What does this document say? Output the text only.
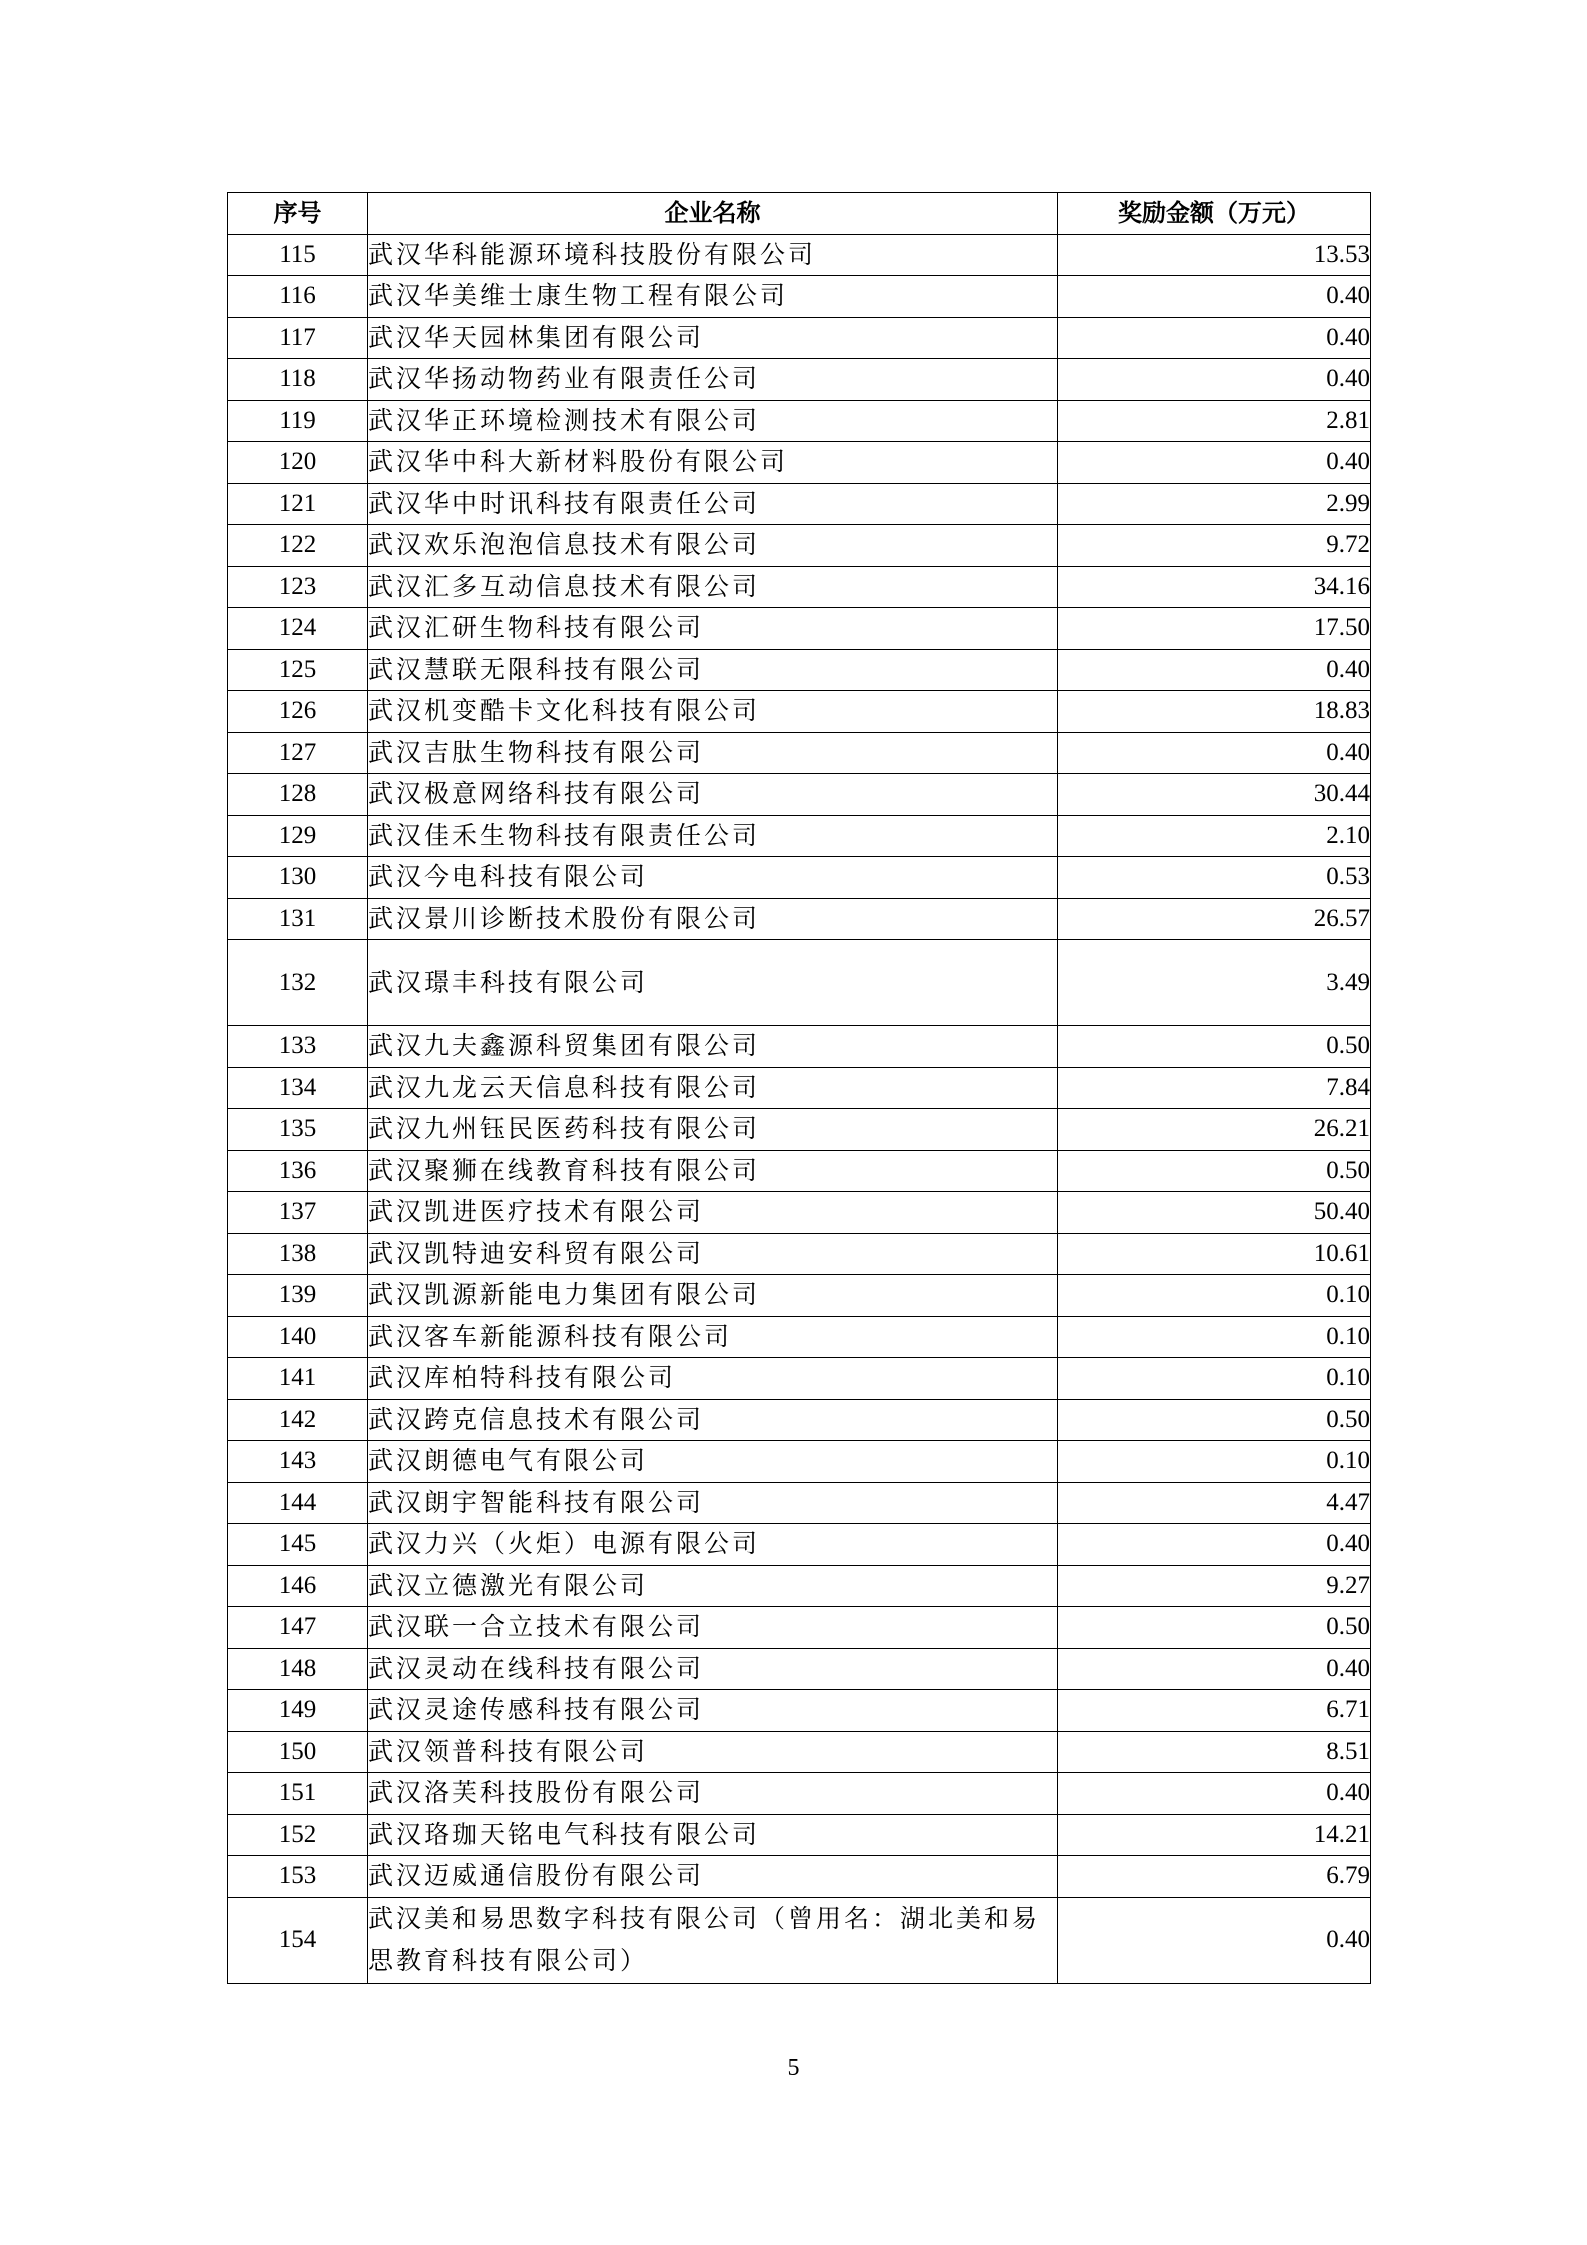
序号	企业名称	奖励金额（万元）
115	武汉华科能源环境科技股份有限公司	13.53
116	武汉华美维士康生物工程有限公司	0.40
117	武汉华天园林集团有限公司	0.40
118	武汉华扬动物药业有限责任公司	0.40
119	武汉华正环境检测技术有限公司	2.81
120	武汉华中科大新材料股份有限公司	0.40
121	武汉华中时讯科技有限责任公司	2.99
122	武汉欢乐泡泡信息技术有限公司	9.72
123	武汉汇多互动信息技术有限公司	34.16
124	武汉汇研生物科技有限公司	17.50
125	武汉慧联无限科技有限公司	0.40
126	武汉机变酷卡文化科技有限公司	18.83
127	武汉吉肽生物科技有限公司	0.40
128	武汉极意网络科技有限公司	30.44
129	武汉佳禾生物科技有限责任公司	2.10
130	武汉今电科技有限公司	0.53
131	武汉景川诊断技术股份有限公司	26.57
132	武汉璟丰科技有限公司	3.49
133	武汉九夫鑫源科贸集团有限公司	0.50
134	武汉九龙云天信息科技有限公司	7.84
135	武汉九州钰民医药科技有限公司	26.21
136	武汉聚狮在线教育科技有限公司	0.50
137	武汉凯进医疗技术有限公司	50.40
138	武汉凯特迪安科贸有限公司	10.61
139	武汉凯源新能电力集团有限公司	0.10
140	武汉客车新能源科技有限公司	0.10
141	武汉库柏特科技有限公司	0.10
142	武汉跨克信息技术有限公司	0.50
143	武汉朗德电气有限公司	0.10
144	武汉朗宇智能科技有限公司	4.47
145	武汉力兴（火炬）电源有限公司	0.40
146	武汉立德激光有限公司	9.27
147	武汉联一合立技术有限公司	0.50
148	武汉灵动在线科技有限公司	0.40
149	武汉灵途传感科技有限公司	6.71
150	武汉领普科技有限公司	8.51
151	武汉洛芙科技股份有限公司	0.40
152	武汉珞珈天铭电气科技有限公司	14.21
153	武汉迈威通信股份有限公司	6.79
154	武汉美和易思数字科技有限公司（曾用名：湖北美和易思教育科技有限公司）	0.40
5
